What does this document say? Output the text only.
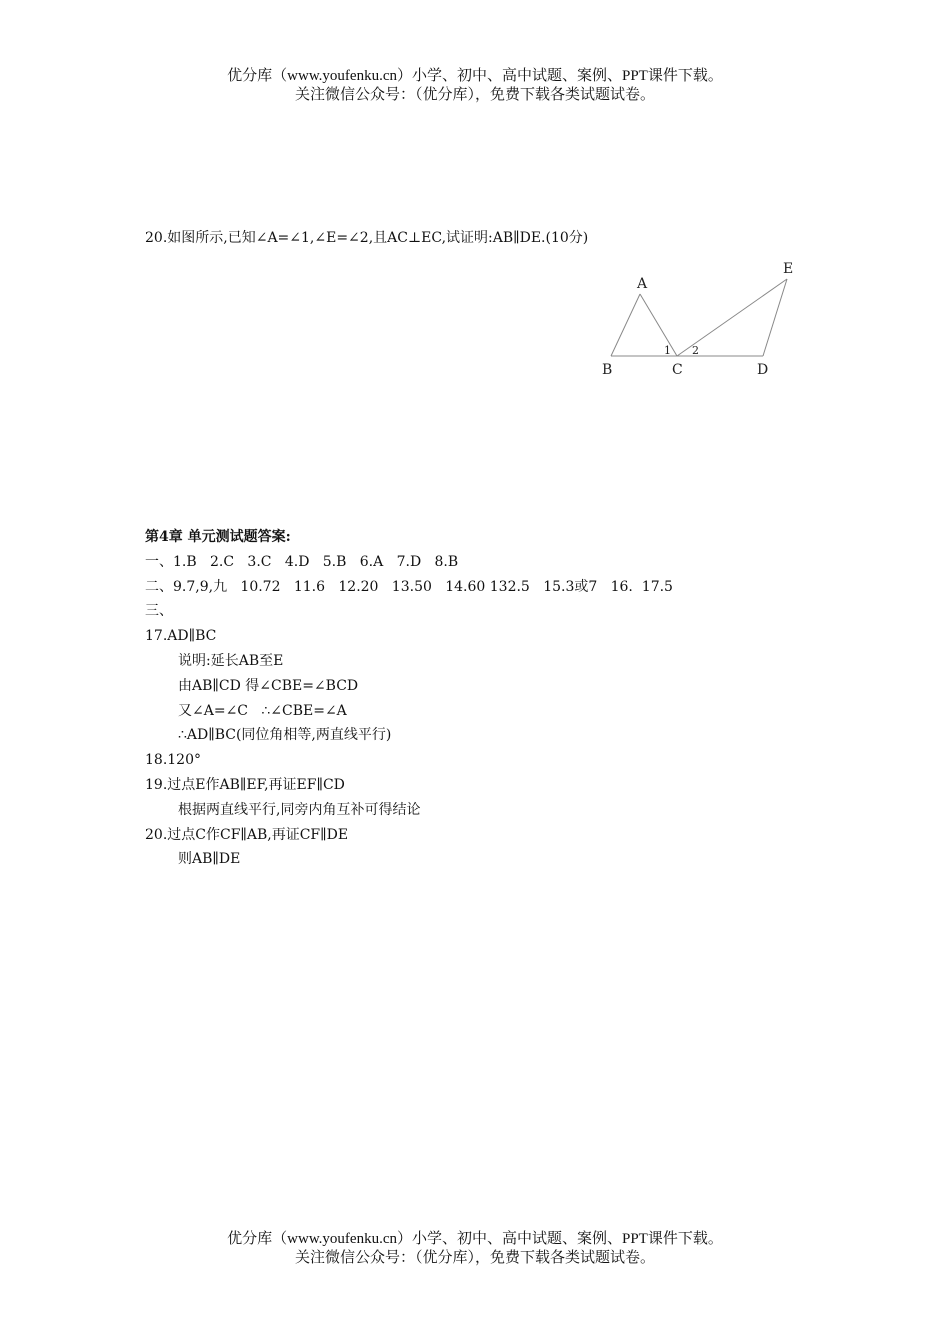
优分库（www.youfenku.cn）小学、初中、高中试题、案例、PPT课件下载。
关注微信公众号：（优分库），免费下载各类试题试卷。
20.如图所示,已知∠A=∠1,∠E=∠2,且AC⊥EC,试证明:AB∥DE.(10分)
A
B	C	D
E
1 2
第4章 单元测试题答案:
一、1.B   2.C   3.C   4.D   5.B   6.A   7.D   8.B
二、9.7,9,九   10.72   11.6   12.20   13.50   14.60 132.5   15.3或7   16.  17.5
三、
17.AD∥BC
说明:延长AB至E
由AB∥CD 得∠CBE=∠BCD
又∠A=∠C   ∴∠CBE=∠A
∴AD∥BC(同位角相等,两直线平行)
18.120°
19.过点E作AB∥EF,再证EF∥CD
根据两直线平行,同旁内角互补可得结论
20.过点C作CF∥AB,再证CF∥DE
则AB∥DE
优分库（www.youfenku.cn）小学、初中、高中试题、案例、PPT课件下载。
关注微信公众号：（优分库），免费下载各类试题试卷。
